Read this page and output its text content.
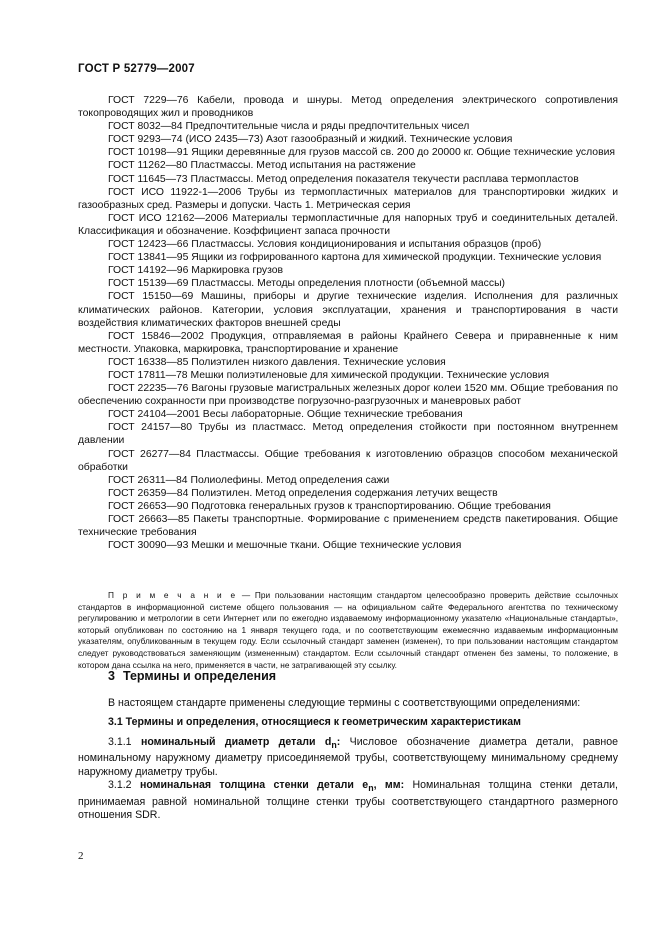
ГОСТ Р 52779—2007

ГОСТ 7229—76 Кабели, провода и шнуры. Метод определения электрического сопротивления токопроводящих жил и проводников

ГОСТ 8032—84 Предпочтительные числа и ряды предпочтительных чисел

ГОСТ 9293—74 (ИСО 2435—73) Азот газообразный и жидкий. Технические условия

ГОСТ 10198—91 Ящики деревянные для грузов массой св. 200 до 20000 кг. Общие технические условия

ГОСТ 11262—80 Пластмассы. Метод испытания на растяжение

ГОСТ 11645—73 Пластмассы. Метод определения показателя текучести расплава термопластов

ГОСТ ИСО 11922-1—2006 Трубы из термопластичных материалов для транспортировки жидких и газообразных сред. Размеры и допуски. Часть 1. Метрическая серия

ГОСТ ИСО 12162—2006 Материалы термопластичные для напорных труб и соединительных деталей. Классификация и обозначение. Коэффициент запаса прочности

ГОСТ 12423—66 Пластмассы. Условия кондиционирования и испытания образцов (проб)

ГОСТ 13841—95 Ящики из гофрированного картона для химической продукции. Технические условия

ГОСТ 14192—96 Маркировка грузов

ГОСТ 15139—69 Пластмассы. Методы определения плотности (объемной массы)

ГОСТ 15150—69 Машины, приборы и другие технические изделия. Исполнения для различных климатических районов. Категории, условия эксплуатации, хранения и транспортирования в части воздействия климатических факторов внешней среды

ГОСТ 15846—2002 Продукция, отправляемая в районы Крайнего Севера и приравненные к ним местности. Упаковка, маркировка, транспортирование и хранение

ГОСТ 16338—85 Полиэтилен низкого давления. Технические условия

ГОСТ 17811—78 Мешки полиэтиленовые для химической продукции. Технические условия

ГОСТ 22235—76 Вагоны грузовые магистральных железных дорог колеи 1520 мм. Общие требования по обеспечению сохранности при производстве погрузочно-разгрузочных и маневровых работ

ГОСТ 24104—2001 Весы лабораторные. Общие технические требования

ГОСТ 24157—80 Трубы из пластмасс. Метод определения стойкости при постоянном внутреннем давлении

ГОСТ 26277—84 Пластмассы. Общие требования к изготовлению образцов способом механической обработки

ГОСТ 26311—84 Полиолефины. Метод определения сажи

ГОСТ 26359—84 Полиэтилен. Метод определения содержания летучих веществ

ГОСТ 26653—90 Подготовка генеральных грузов к транспортированию. Общие требования

ГОСТ 26663—85 Пакеты транспортные. Формирование с применением средств пакетирования. Общие технические требования

ГОСТ 30090—93 Мешки и мешочные ткани. Общие технические условия

П р и м е ч а н и е — При пользовании настоящим стандартом целесообразно проверить действие ссылочных стандартов в информационной системе общего пользования — на официальном сайте Федерального агентства по техническому регулированию и метрологии в сети Интернет или по ежегодно издаваемому информационному указателю «Национальные стандарты», который опубликован по состоянию на 1 января текущего года, и по соответствующим ежемесячно издаваемым информационным указателям, опубликованным в текущем году. Если ссылочный стандарт заменен (изменен), то при пользовании настоящим стандартом следует руководствоваться заменяющим (измененным) стандартом. Если ссылочный стандарт отменен без замены, то положение, в котором дана ссылка на него, применяется в части, не затрагивающей эту ссылку.

3 Термины и определения

В настоящем стандарте применены следующие термины с соответствующими определениями:

3.1 Термины и определения, относящиеся к геометрическим характеристикам

3.1.1 номинальный диаметр детали $d_n$: Числовое обозначение диаметра детали, равное номинальному наружному диаметру присоединяемой трубы, соответствующему минимальному среднему наружному диаметру трубы.

3.1.2 номинальная толщина стенки детали $e_n$, мм: Номинальная толщина стенки детали, принимаемая равной номинальной толщине стенки трубы соответствующего стандартного размерного отношения SDR.

2
